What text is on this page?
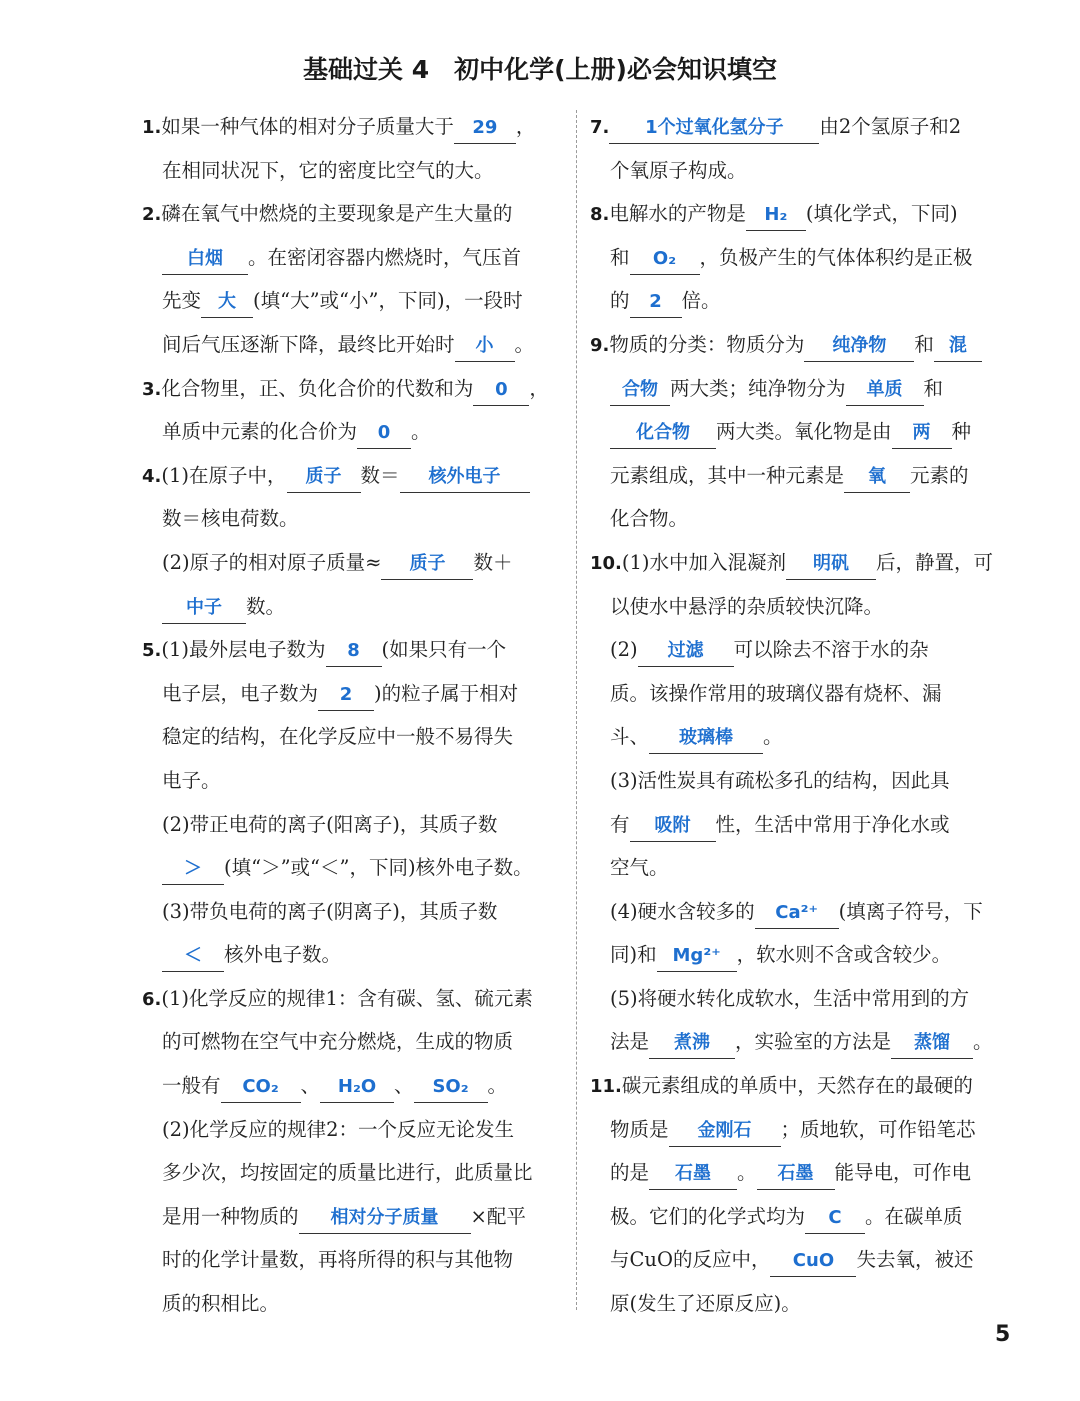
基础过关 4　初中化学(上册)必会知识填空
1.如果一种气体的相对分子质量大于 29 ，
在相同状况下，它的密度比空气的大。
2.磷在氧气中燃烧的主要现象是产生大量的
白烟 。在密闭容器内燃烧时，气压首
先变 大 (填“大”或“小”，下同)，一段时
间后气压逐渐下降，最终比开始时 小 。
3.化合物里，正、负化合价的代数和为 0 ，
单质中元素的化合价为 0 。
4.(1)在原子中， 质子 数＝ 核外电子
数＝核电荷数。
(2)原子的相对原子质量≈ 质子 数＋
中子 数。
5.(1)最外层电子数为 8 (如果只有一个
电子层，电子数为 2 )的粒子属于相对
稳定的结构，在化学反应中一般不易得失
电子。
(2)带正电荷的离子(阳离子)，其质子数
＞ (填“＞”或“＜”，下同)核外电子数。
(3)带负电荷的离子(阴离子)，其质子数
＜ 核外电子数。
6.(1)化学反应的规律1：含有碳、氢、硫元素
的可燃物在空气中充分燃烧，生成的物质
一般有 CO₂ 、 H₂O 、 SO₂ 。
(2)化学反应的规律2：一个反应无论发生
多少次，均按固定的质量比进行，此质量比
是用一种物质的 相对分子质量 ×配平
时的化学计量数，再将所得的积与其他物
质的积相比。
7. 1个过氧化氢分子 由2个氢原子和2
个氧原子构成。
8.电解水的产物是 H₂ (填化学式，下同)
和 O₂ ，负极产生的气体体积约是正极
的 2 倍。
9.物质的分类：物质分为 纯净物 和 混
合物 两大类；纯净物分为 单质 和
化合物 两大类。氧化物是由 两 种
元素组成，其中一种元素是 氧 元素的
化合物。
10.(1)水中加入混凝剂 明矾 后，静置，可
以使水中悬浮的杂质较快沉降。
(2) 过滤 可以除去不溶于水的杂
质。该操作常用的玻璃仪器有烧杯、漏
斗、 玻璃棒 。
(3)活性炭具有疏松多孔的结构，因此具
有 吸附 性，生活中常用于净化水或
空气。
(4)硬水含较多的 Ca²⁺ (填离子符号，下
同)和 Mg²⁺ ，软水则不含或含较少。
(5)将硬水转化成软水，生活中常用到的方
法是 煮沸 ，实验室的方法是 蒸馏 。
11.碳元素组成的单质中，天然存在的最硬的
物质是 金刚石 ；质地软，可作铅笔芯
的是 石墨 。 石墨 能导电，可作电
极。它们的化学式均为 C 。在碳单质
与CuO的反应中， CuO 失去氧，被还
原(发生了还原反应)。
5
